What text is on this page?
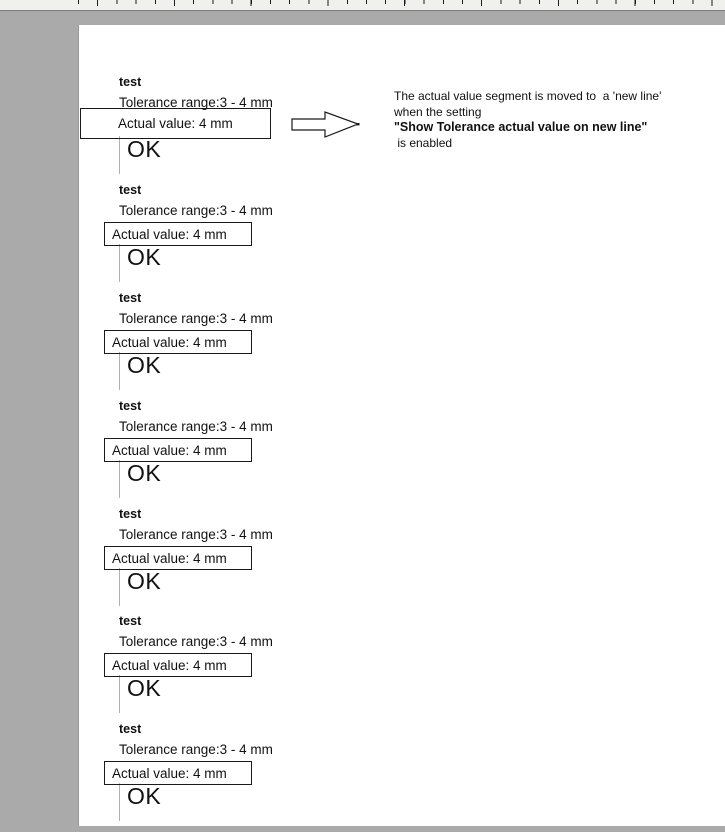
test
Tolerance range:3 - 4 mm
Actual value: 4 mm
OK
test
Tolerance range:3 - 4 mm
Actual value: 4 mm
OK
test
Tolerance range:3 - 4 mm
Actual value: 4 mm
OK
test
Tolerance range:3 - 4 mm
Actual value: 4 mm
OK
test
Tolerance range:3 - 4 mm
Actual value: 4 mm
OK
test
Tolerance range:3 - 4 mm
Actual value: 4 mm
OK
test
Tolerance range:3 - 4 mm
Actual value: 4 mm
OK
The actual value segment is moved to  a 'new line'
when the setting
"Show Tolerance actual value on new line"
is enabled
